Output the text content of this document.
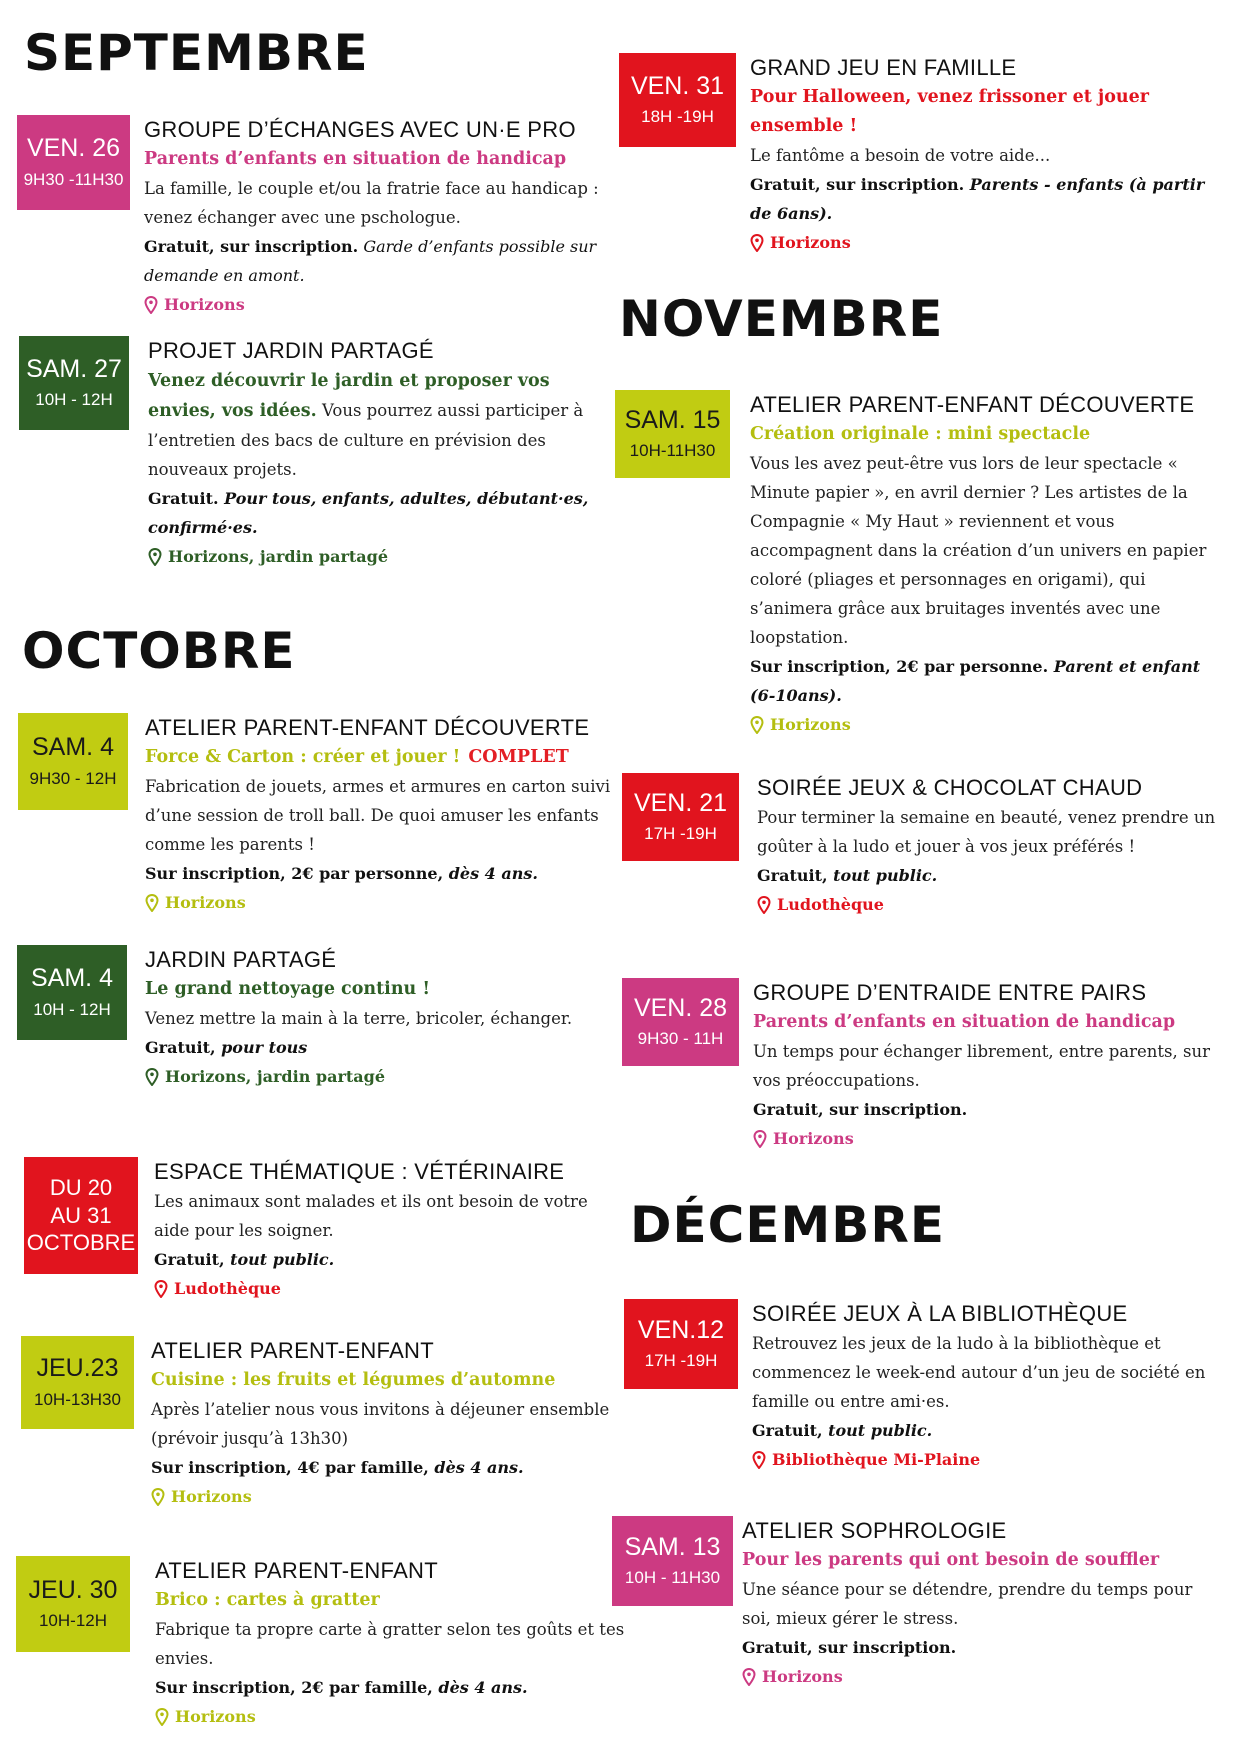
SEPTEMBRE
OCTOBRE
NOVEMBRE
DÉCEMBRE
VEN. 26
9H30 -11H30
GROUPE D’ÉCHANGES AVEC UN·E PRO
Parents d’enfants en situation de handicap
La famille, le couple et/ou la fratrie face au handicap : venez échanger avec une pschologue.
Gratuit, sur inscription. Garde d’enfants possible sur demande en amont.
Horizons
SAM. 27
10H - 12H
PROJET JARDIN PARTAGÉ
Venez découvrir le jardin et proposer vos envies, vos idées. Vous pourrez aussi participer à l’entretien des bacs de culture en prévision des nouveaux projets.
Gratuit. Pour tous, enfants, adultes, débutant·es, confirmé·es.
Horizons, jardin partagé
SAM. 4
9H30 - 12H
ATELIER PARENT-ENFANT DÉCOUVERTE
Force & Carton : créer et jouer ! COMPLET
Fabrication de jouets, armes et armures en carton suivi d’une session de troll ball. De quoi amuser les enfants comme les parents !
Sur inscription, 2€ par personne, dès 4 ans.
Horizons
SAM. 4
10H - 12H
JARDIN PARTAGÉ
Le grand nettoyage continu !
Venez mettre la main à la terre, bricoler, échanger.
Gratuit, pour tous
Horizons, jardin partagé
DU 20
AU 31
OCTOBRE
ESPACE THÉMATIQUE : VÉTÉRINAIRE
Les animaux sont malades et ils ont besoin de votre aide pour les soigner.
Gratuit, tout public.
Ludothèque
JEU.23
10H-13H30
ATELIER PARENT-ENFANT
Cuisine : les fruits et légumes d’automne
Après l’atelier nous vous invitons à déjeuner ensemble (prévoir jusqu’à 13h30)
Sur inscription, 4€ par famille, dès 4 ans.
Horizons
JEU. 30
10H-12H
ATELIER PARENT-ENFANT
Brico : cartes à gratter
Fabrique ta propre carte à gratter selon tes goûts et tes envies.
Sur inscription, 2€ par famille, dès 4 ans.
Horizons
VEN. 31
18H -19H
GRAND JEU EN FAMILLE
Pour Halloween, venez frissoner et jouer ensemble !
Le fantôme a besoin de votre aide...
Gratuit, sur inscription. Parents - enfants (à partir de 6ans).
Horizons
SAM. 15
10H-11H30
ATELIER PARENT-ENFANT DÉCOUVERTE
Création originale : mini spectacle
Vous les avez peut-être vus lors de leur spectacle « Minute papier », en avril dernier ? Les artistes de la Compagnie « My Haut » reviennent et vous accompagnent dans la création d’un univers en papier coloré (pliages et personnages en origami), qui s’animera grâce aux bruitages inventés avec une loopstation.
Sur inscription, 2€ par personne. Parent et enfant (6-10ans).
Horizons
VEN. 21
17H -19H
SOIRÉE JEUX & CHOCOLAT CHAUD
Pour terminer la semaine en beauté, venez prendre un goûter à la ludo et jouer à vos jeux préférés !
Gratuit, tout public.
Ludothèque
VEN. 28
9H30 - 11H
GROUPE D’ENTRAIDE ENTRE PAIRS
Parents d’enfants en situation de handicap
Un temps pour échanger librement, entre parents, sur vos préoccupations.
Gratuit, sur inscription.
Horizons
VEN.12
17H -19H
SOIRÉE JEUX À LA BIBLIOTHÈQUE
Retrouvez les jeux de la ludo à la bibliothèque et commencez le week-end autour d’un jeu de société en famille ou entre ami·es.
Gratuit, tout public.
Bibliothèque Mi-Plaine
SAM. 13
10H - 11H30
ATELIER SOPHROLOGIE
Pour les parents qui ont besoin de souffler
Une séance pour se détendre, prendre du temps pour soi, mieux gérer le stress.
Gratuit, sur inscription.
Horizons
